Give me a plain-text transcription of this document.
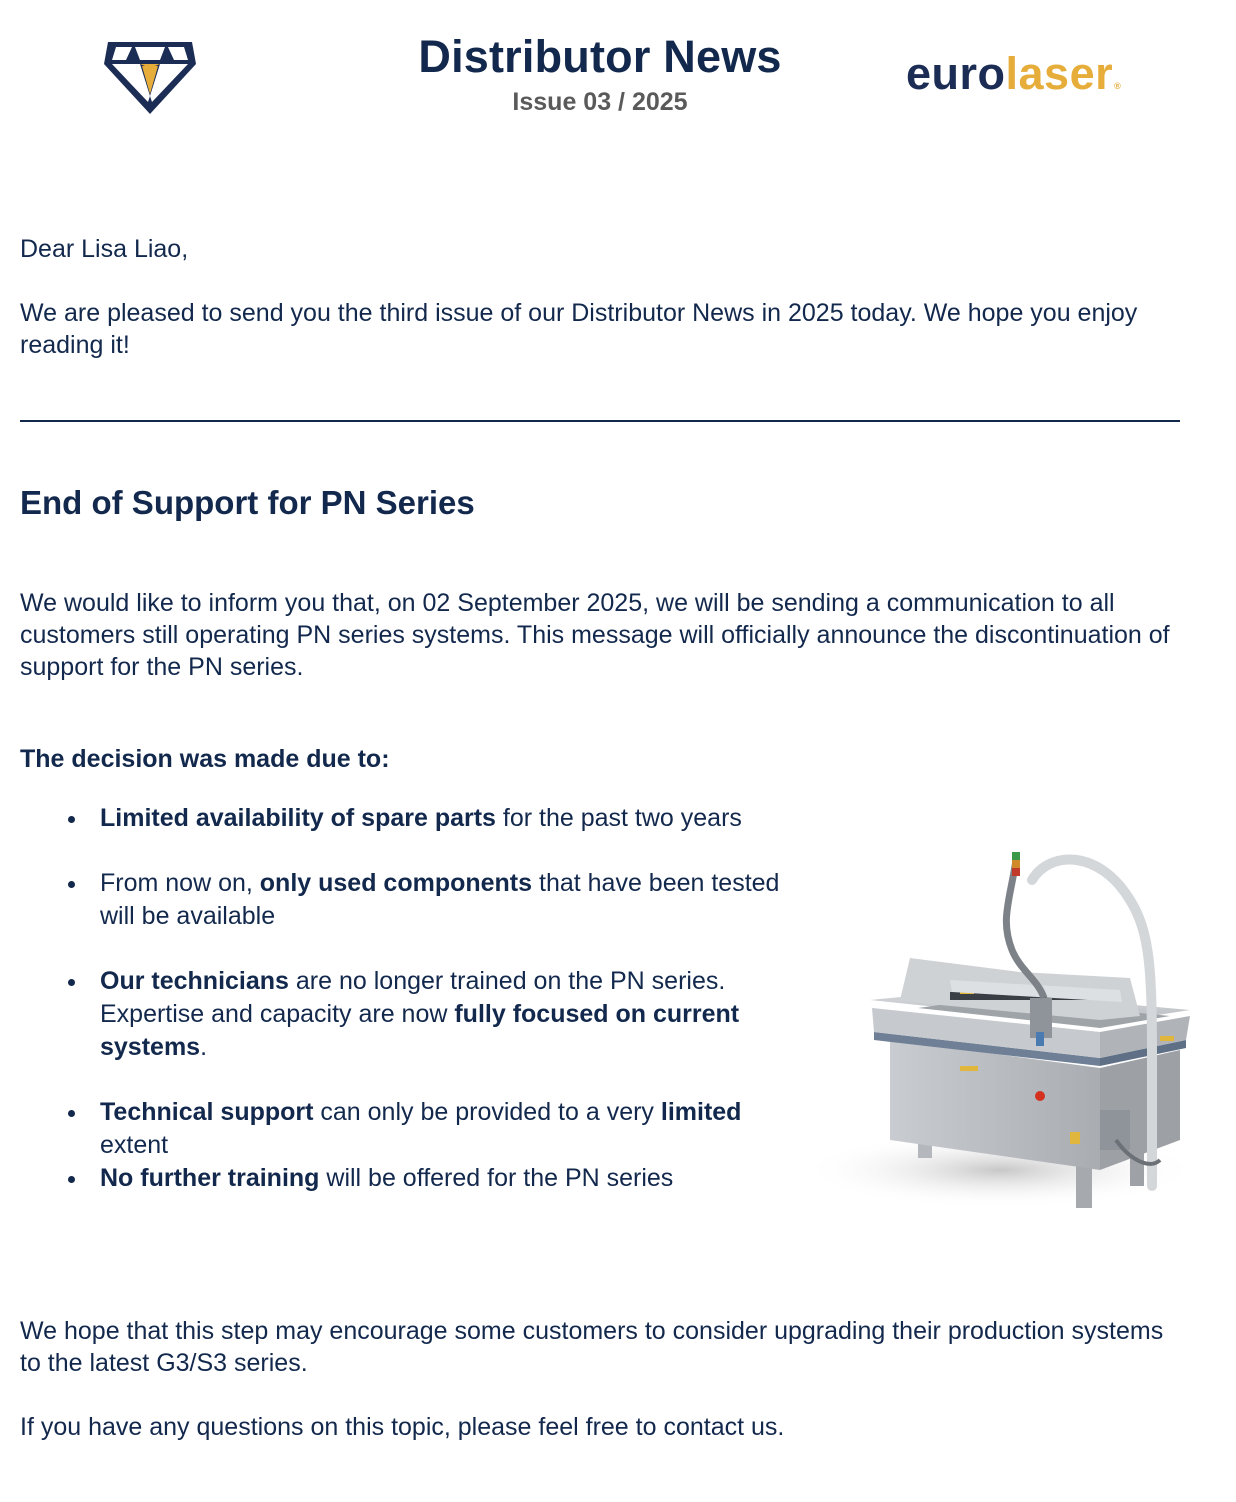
Distributor News
Issue 03 / 2025
eurolaser®

Dear Lisa Liao,

We are pleased to send you the third issue of our Distributor News in 2025 today. We hope you enjoy reading it!

End of Support for PN Series

We would like to inform you that, on 02 September 2025, we will be sending a communication to all customers still operating PN series systems. This message will officially announce the discontinuation of support for the PN series.

The decision was made due to:

Limited availability of spare parts for the past two years
From now on, only used components that have been tested will be available
Our technicians are no longer trained on the PN series. Expertise and capacity are now fully focused on current systems.
Technical support can only be provided to a very limited extent
No further training will be offered for the PN series

We hope that this step may encourage some customers to consider upgrading their production systems to the latest G3/S3 series.

If you have any questions on this topic, please feel free to contact us.
